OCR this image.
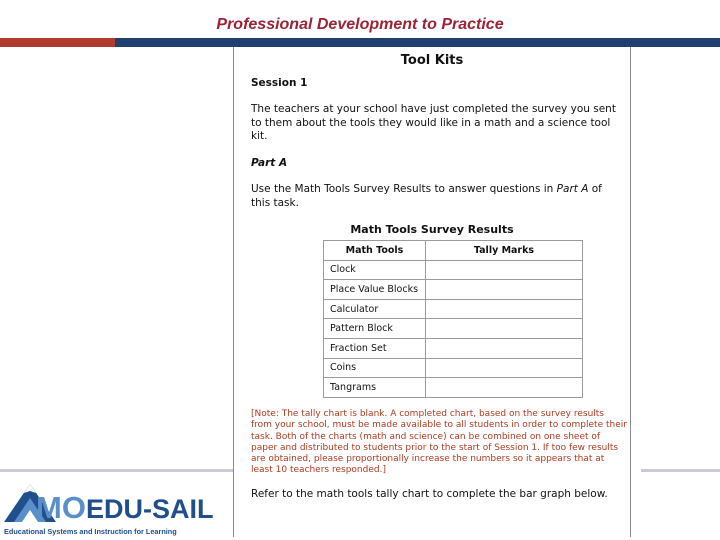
Professional Development to Practice
Tool Kits
Session 1
The teachers at your school have just completed the survey you sent to them about the tools they would like in a math and a science tool kit.
Part A
Use the Math Tools Survey Results to answer questions in Part A of this task.
Math Tools Survey Results
Math Tools	Tally Marks
Clock	
Place Value Blocks	
Calculator	
Pattern Block	
Fraction Set	
Coins	
Tangrams	
[Note: The tally chart is blank. A completed chart, based on the survey results from your school, must be made available to all students in order to complete their task. Both of the charts (math and science) can be combined on one sheet of paper and distributed to students prior to the start of Session 1. If too few results are obtained, please proportionally increase the numbers so it appears that at least 10 teachers responded.]
Refer to the math tools tally chart to complete the bar graph below.
MO EDU-SAIL
Educational Systems and Instruction for Learning
